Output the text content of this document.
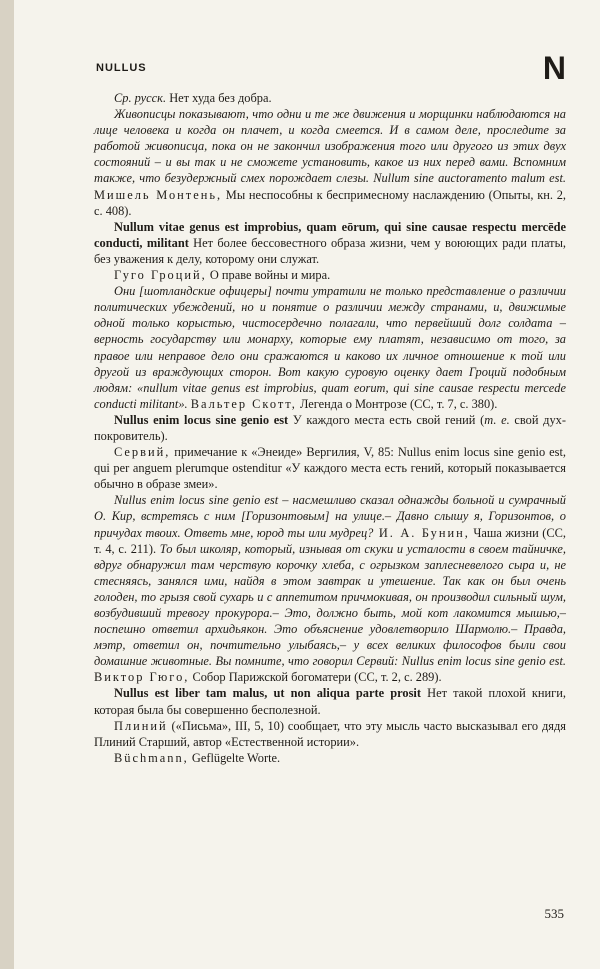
NULLUS	N

Ср. русск. Нет худа без добра.

Живописцы показывают, что одни и те же движения и морщинки наблюдаются на лице человека и когда он плачет, и когда смеется. И в самом деле, проследите за работой живописца, пока он не закончил изображения того или другого из этих двух состояний – и вы так и не сможете установить, какое из них перед вами. Вспомним также, что безудержный смех порождает слезы. Nullum sine auctoramento malum est. Мишель Монтень, Мы неспособны к беспримесному наслаждению (Опыты, кн. 2, с. 408).

Nullum vitae genus est improbius, quam eōrum, qui sine causae respectu mercēde conducti, militant Нет более бессовестного образа жизни, чем у воюющих ради платы, без уважения к делу, которому они служат.

Гуго Гроций, О праве войны и мира.

Они [шотландские офицеры] почти утратили не только представление о различии политических убеждений, но и понятие о различии между странами, и, движимые одной только корыстью, чистосердечно полагали, что первейший долг солдата – верность государству или монарху, которые ему платят, независимо от того, за правое или неправое дело они сражаются и каково их личное отношение к той или другой из враждующих сторон. Вот какую суровую оценку дает Гроций подобным людям: «nullum vitae genus est improbius, quam eorum, qui sine causae respectu mercede conducti militant». Вальтер Скотт, Легенда о Монтрозе (СС, т. 7, с. 380).

Nullus enim locus sine genio est У каждого места есть свой гений (т. е. свой дух-покровитель).

Сервий, примечание к «Энеиде» Вергилия, V, 85: Nullus enim locus sine genio est, qui per anguem plerumque ostenditur «У каждого места есть гений, который показывается обычно в образе змеи».

Nullus enim locus sine genio est – насмешливо сказал однажды больной и сумрачный О. Кир, встретясь с ним [Горизонтовым] на улице.– Давно слышу я, Горизонтов, о причудах твоих. Ответь мне, юрод ты или мудрец? И. А. Бунин, Чаша жизни (СС, т. 4, с. 211). То был школяр, который, изнывая от скуки и усталости в своем тайничке, вдруг обнаружил там черствую корочку хлеба, с огрызком заплесневелого сыра и, не стесняясь, занялся ими, найдя в этом завтрак и утешение. Так как он был очень голоден, то грызя свой сухарь и с аппетитом причмокивая, он производил сильный шум, возбудивший тревогу прокурора.– Это, должно быть, мой кот лакомится мышью,– поспешно ответил архидьякон. Это объяснение удовлетворило Шармолю.– Правда, мэтр, ответил он, почтительно улыбаясь,– у всех великих философов были свои домашние животные. Вы помните, что говорил Сервий: Nullus enim locus sine genio est. Виктор Гюго, Собор Парижской богоматери (СС, т. 2, с. 289).

Nullus est liber tam malus, ut non aliqua parte prosit Нет такой плохой книги, которая была бы совершенно бесполезной.

Плиний («Письма», III, 5, 10) сообщает, что эту мысль часто высказывал его дядя Плиний Старший, автор «Естественной истории».

Büchmann, Geflügelte Worte.

535
